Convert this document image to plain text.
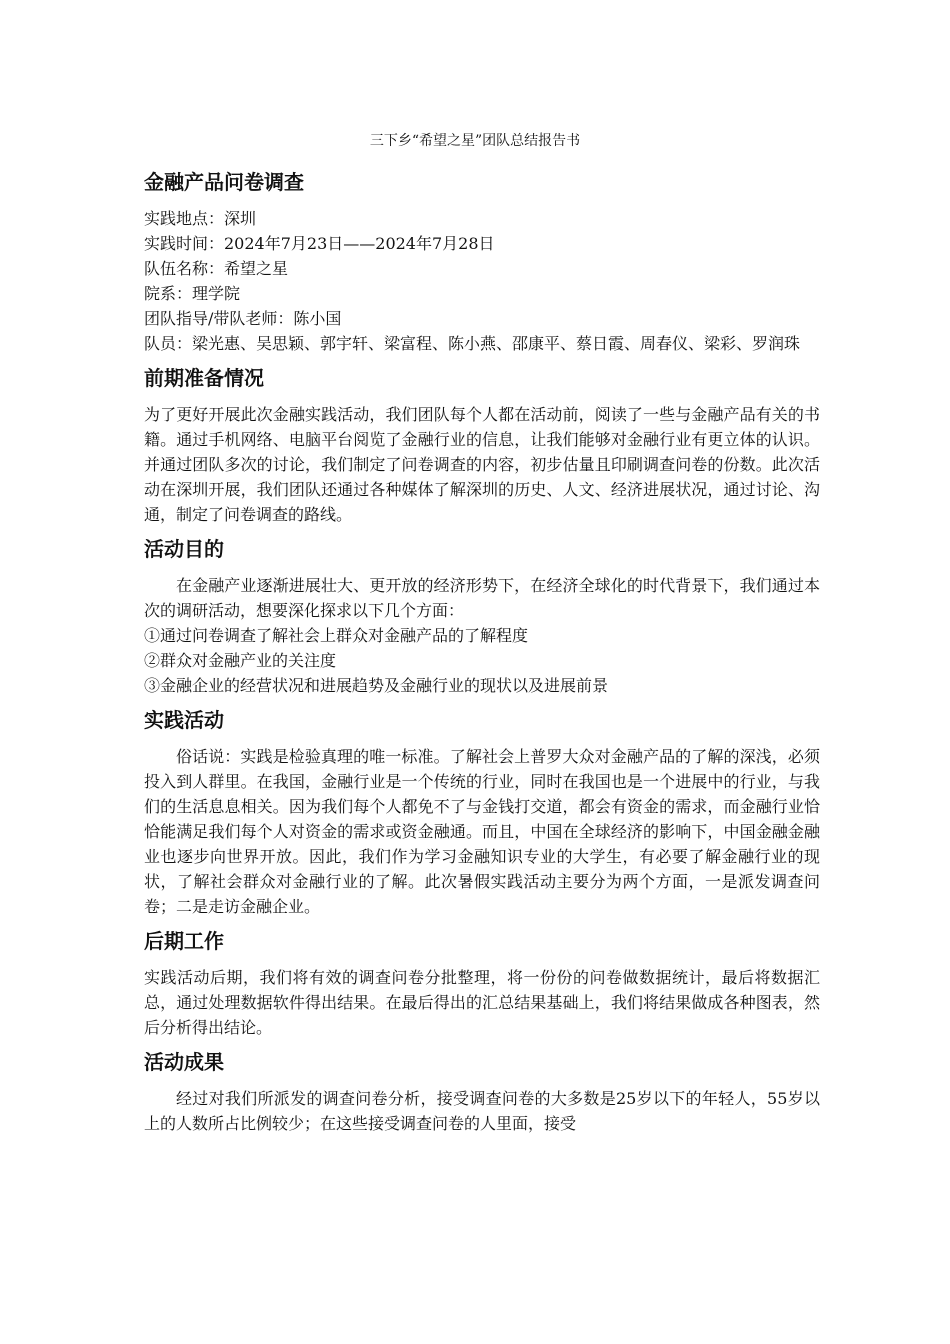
三下乡“希望之星”团队总结报告书
金融产品问卷调查

实践地点：深圳

实践时间：2024年7月23日——2024年7月28日

队伍名称：希望之星

院系：理学院

团队指导/带队老师：陈小国

队员：梁光惠、吴思颖、郭宇轩、梁富程、陈小燕、邵康平、蔡日霞、周春仪、梁彩、罗润珠

前期准备情况

为了更好开展此次金融实践活动，我们团队每个人都在活动前，阅读了一些与金融产品有关的书籍。通过手机网络、电脑平台阅览了金融行业的信息，让我们能够对金融行业有更立体的认识。并通过团队多次的讨论，我们制定了问卷调查的内容，初步估量且印刷调查问卷的份数。此次活动在深圳开展，我们团队还通过各种媒体了解深圳的历史、人文、经济进展状况，通过讨论、沟通，制定了问卷调查的路线。

活动目的

在金融产业逐渐进展壮大、更开放的经济形势下，在经济全球化的时代背景下，我们通过本次的调研活动，想要深化探求以下几个方面：

①通过问卷调查了解社会上群众对金融产品的了解程度

②群众对金融产业的关注度

③金融企业的经营状况和进展趋势及金融行业的现状以及进展前景

实践活动

俗话说：实践是检验真理的唯一标准。了解社会上普罗大众对金融产品的了解的深浅，必须投入到人群里。在我国，金融行业是一个传统的行业，同时在我国也是一个进展中的行业，与我们的生活息息相关。因为我们每个人都免不了与金钱打交道，都会有资金的需求，而金融行业恰恰能满足我们每个人对资金的需求或资金融通。而且，中国在全球经济的影响下，中国金融金融业也逐步向世界开放。因此，我们作为学习金融知识专业的大学生，有必要了解金融行业的现状，了解社会群众对金融行业的了解。此次暑假实践活动主要分为两个方面，一是派发调查问卷；二是走访金融企业。

后期工作

实践活动后期，我们将有效的调查问卷分批整理，将一份份的问卷做数据统计，最后将数据汇总，通过处理数据软件得出结果。在最后得出的汇总结果基础上，我们将结果做成各种图表，然后分析得出结论。

活动成果

经过对我们所派发的调查问卷分析，接受调查问卷的大多数是25岁以下的年轻人，55岁以上的人数所占比例较少；在这些接受调查问卷的人里面，接受
